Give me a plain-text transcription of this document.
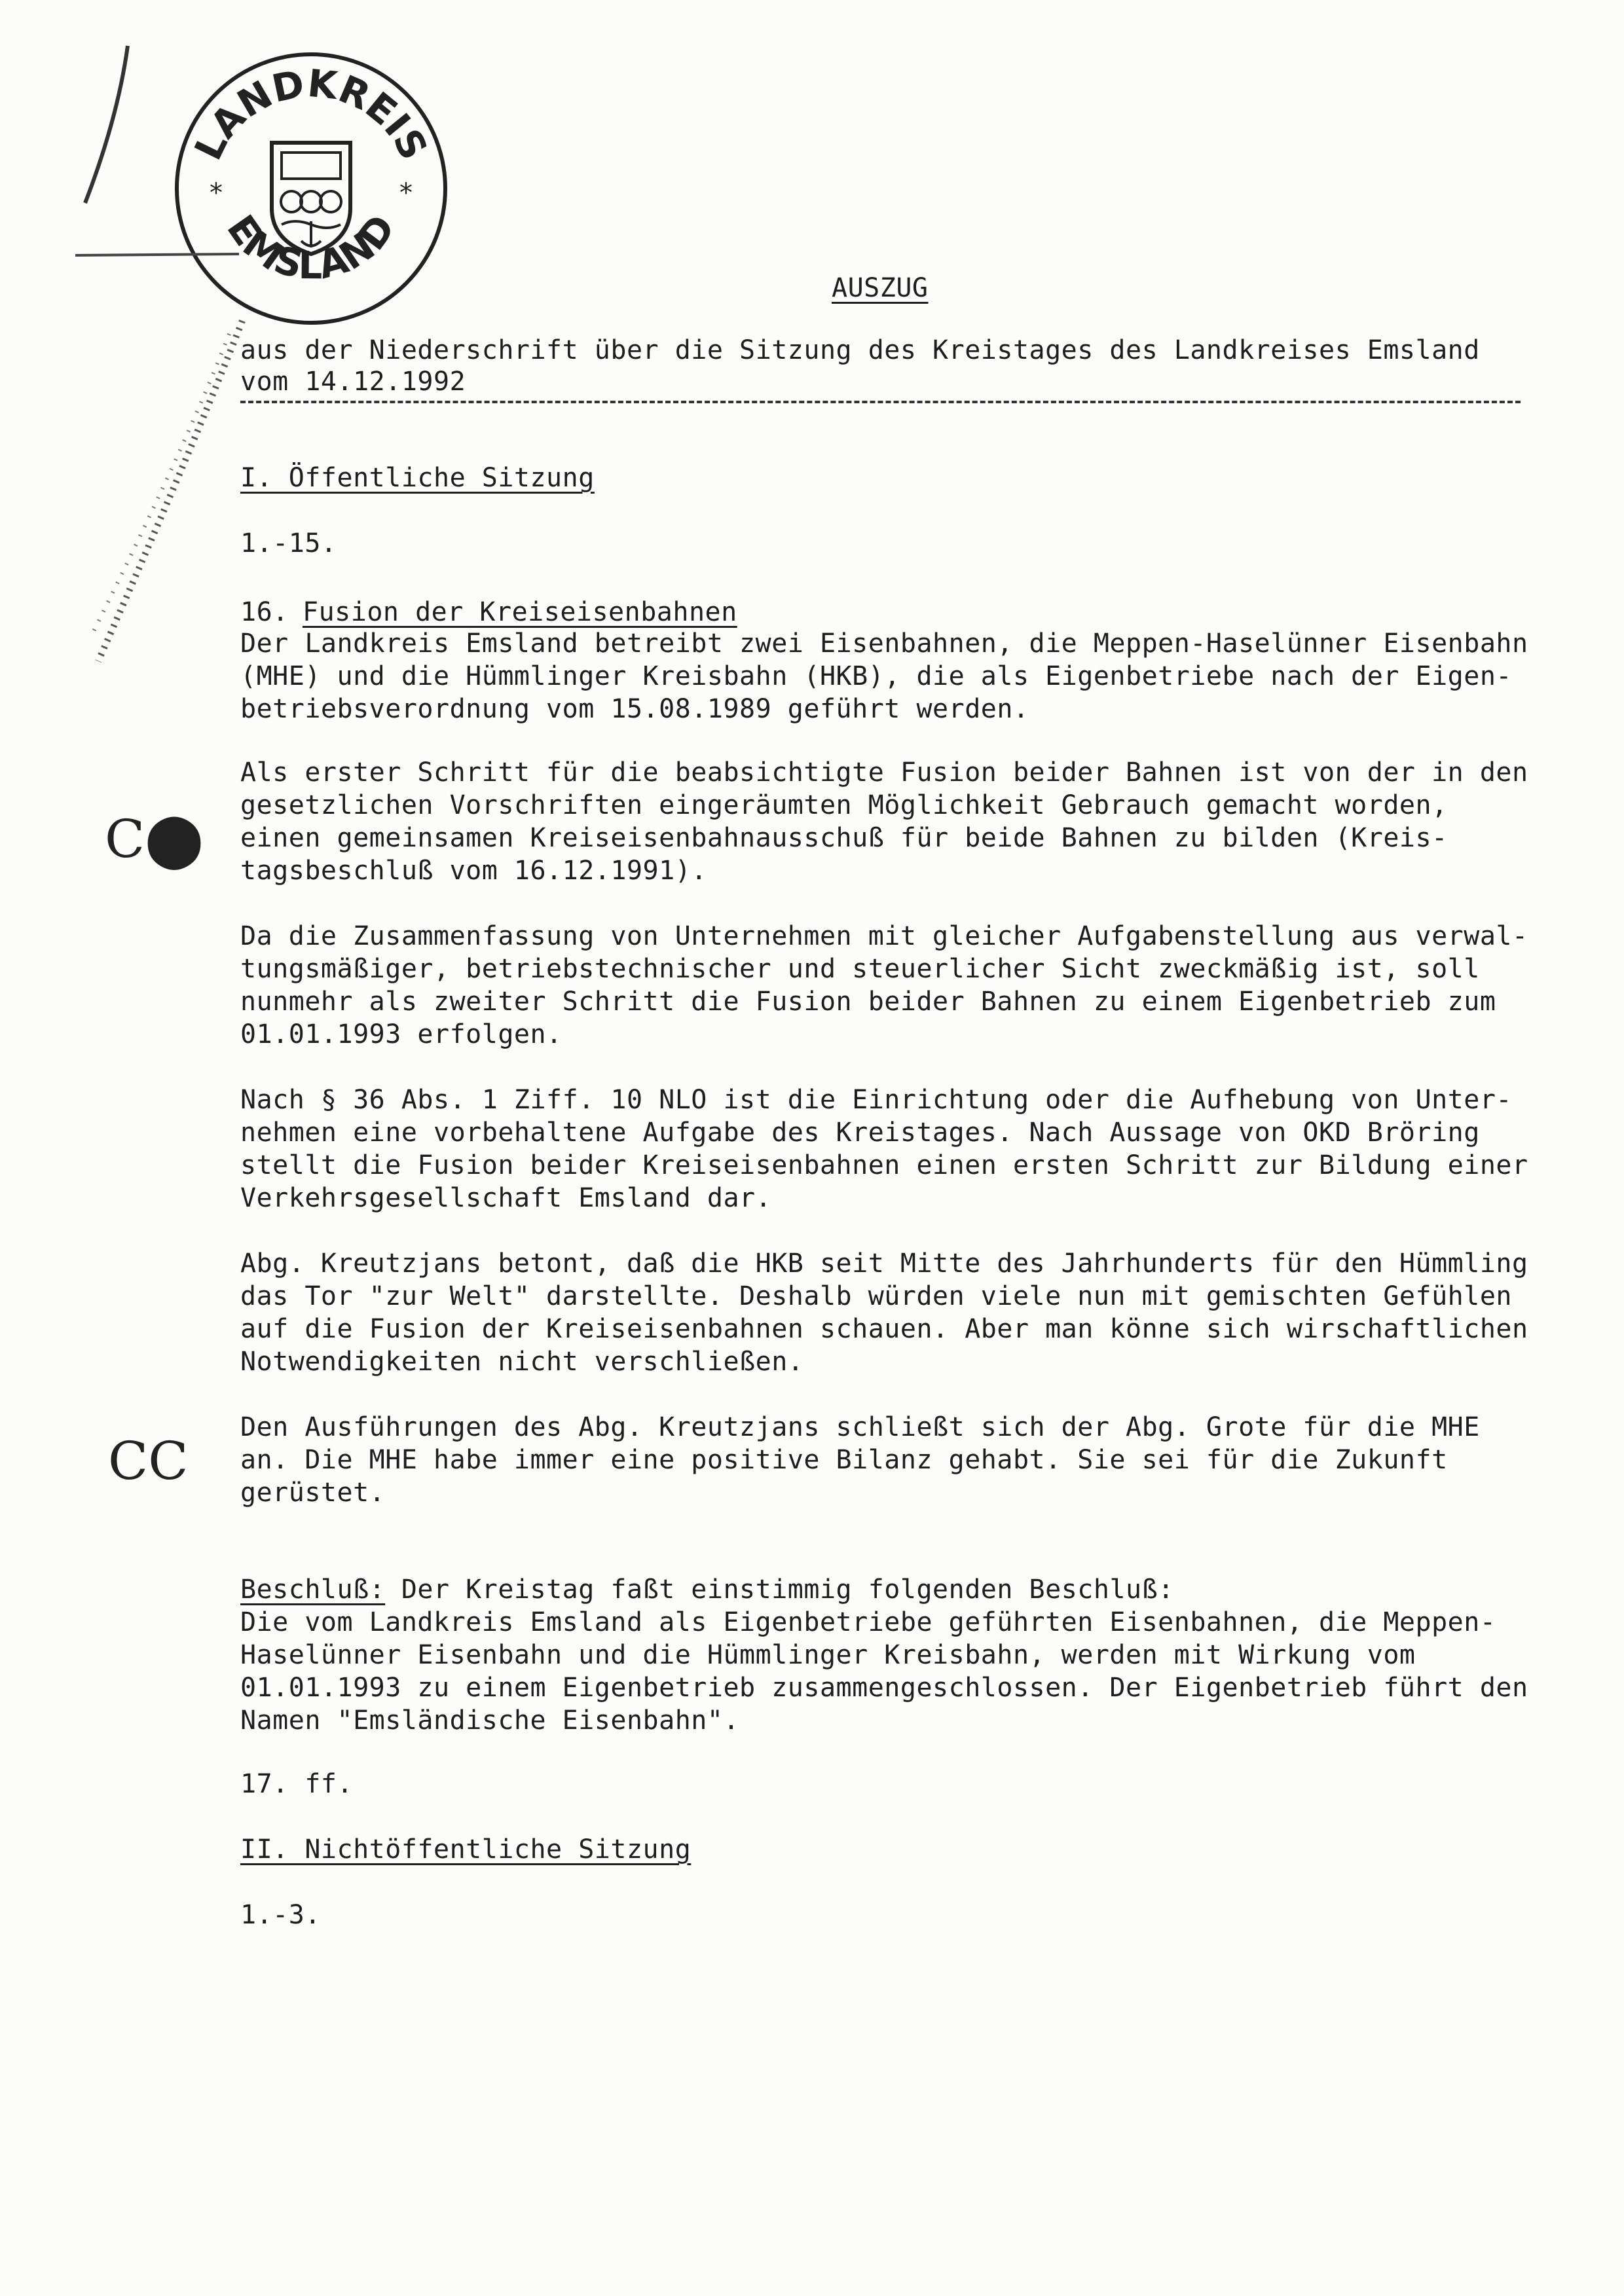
LANDKREIS
EMSLAND
*	*
C⬤
CC
AUSZUG
aus der Niederschrift über die Sitzung des Kreistages des Landkreises Emsland
vom 14.12.1992
I. Öffentliche Sitzung
1.-15.
16. Fusion der Kreiseisenbahnen
Der Landkreis Emsland betreibt zwei Eisenbahnen, die Meppen-Haselünner Eisenbahn
(MHE) und die Hümmlinger Kreisbahn (HKB), die als Eigenbetriebe nach der Eigen-
betriebsverordnung vom 15.08.1989 geführt werden.
Als erster Schritt für die beabsichtigte Fusion beider Bahnen ist von der in den
gesetzlichen Vorschriften eingeräumten Möglichkeit Gebrauch gemacht worden,
einen gemeinsamen Kreiseisenbahnausschuß für beide Bahnen zu bilden (Kreis-
tagsbeschluß vom 16.12.1991).
Da die Zusammenfassung von Unternehmen mit gleicher Aufgabenstellung aus verwal-
tungsmäßiger, betriebstechnischer und steuerlicher Sicht zweckmäßig ist, soll
nunmehr als zweiter Schritt die Fusion beider Bahnen zu einem Eigenbetrieb zum
01.01.1993 erfolgen.
Nach § 36 Abs. 1 Ziff. 10 NLO ist die Einrichtung oder die Aufhebung von Unter-
nehmen eine vorbehaltene Aufgabe des Kreistages. Nach Aussage von OKD Bröring
stellt die Fusion beider Kreiseisenbahnen einen ersten Schritt zur Bildung einer
Verkehrsgesellschaft Emsland dar.
Abg. Kreutzjans betont, daß die HKB seit Mitte des Jahrhunderts für den Hümmling
das Tor "zur Welt" darstellte. Deshalb würden viele nun mit gemischten Gefühlen
auf die Fusion der Kreiseisenbahnen schauen. Aber man könne sich wirschaftlichen
Notwendigkeiten nicht verschließen.
Den Ausführungen des Abg. Kreutzjans schließt sich der Abg. Grote für die MHE
an. Die MHE habe immer eine positive Bilanz gehabt. Sie sei für die Zukunft
gerüstet.
Beschluß: Der Kreistag faßt einstimmig folgenden Beschluß:
Die vom Landkreis Emsland als Eigenbetriebe geführten Eisenbahnen, die Meppen-
Haselünner Eisenbahn und die Hümmlinger Kreisbahn, werden mit Wirkung vom
01.01.1993 zu einem Eigenbetrieb zusammengeschlossen. Der Eigenbetrieb führt den
Namen "Emsländische Eisenbahn".
17. ff.
II. Nichtöffentliche Sitzung
1.-3.
